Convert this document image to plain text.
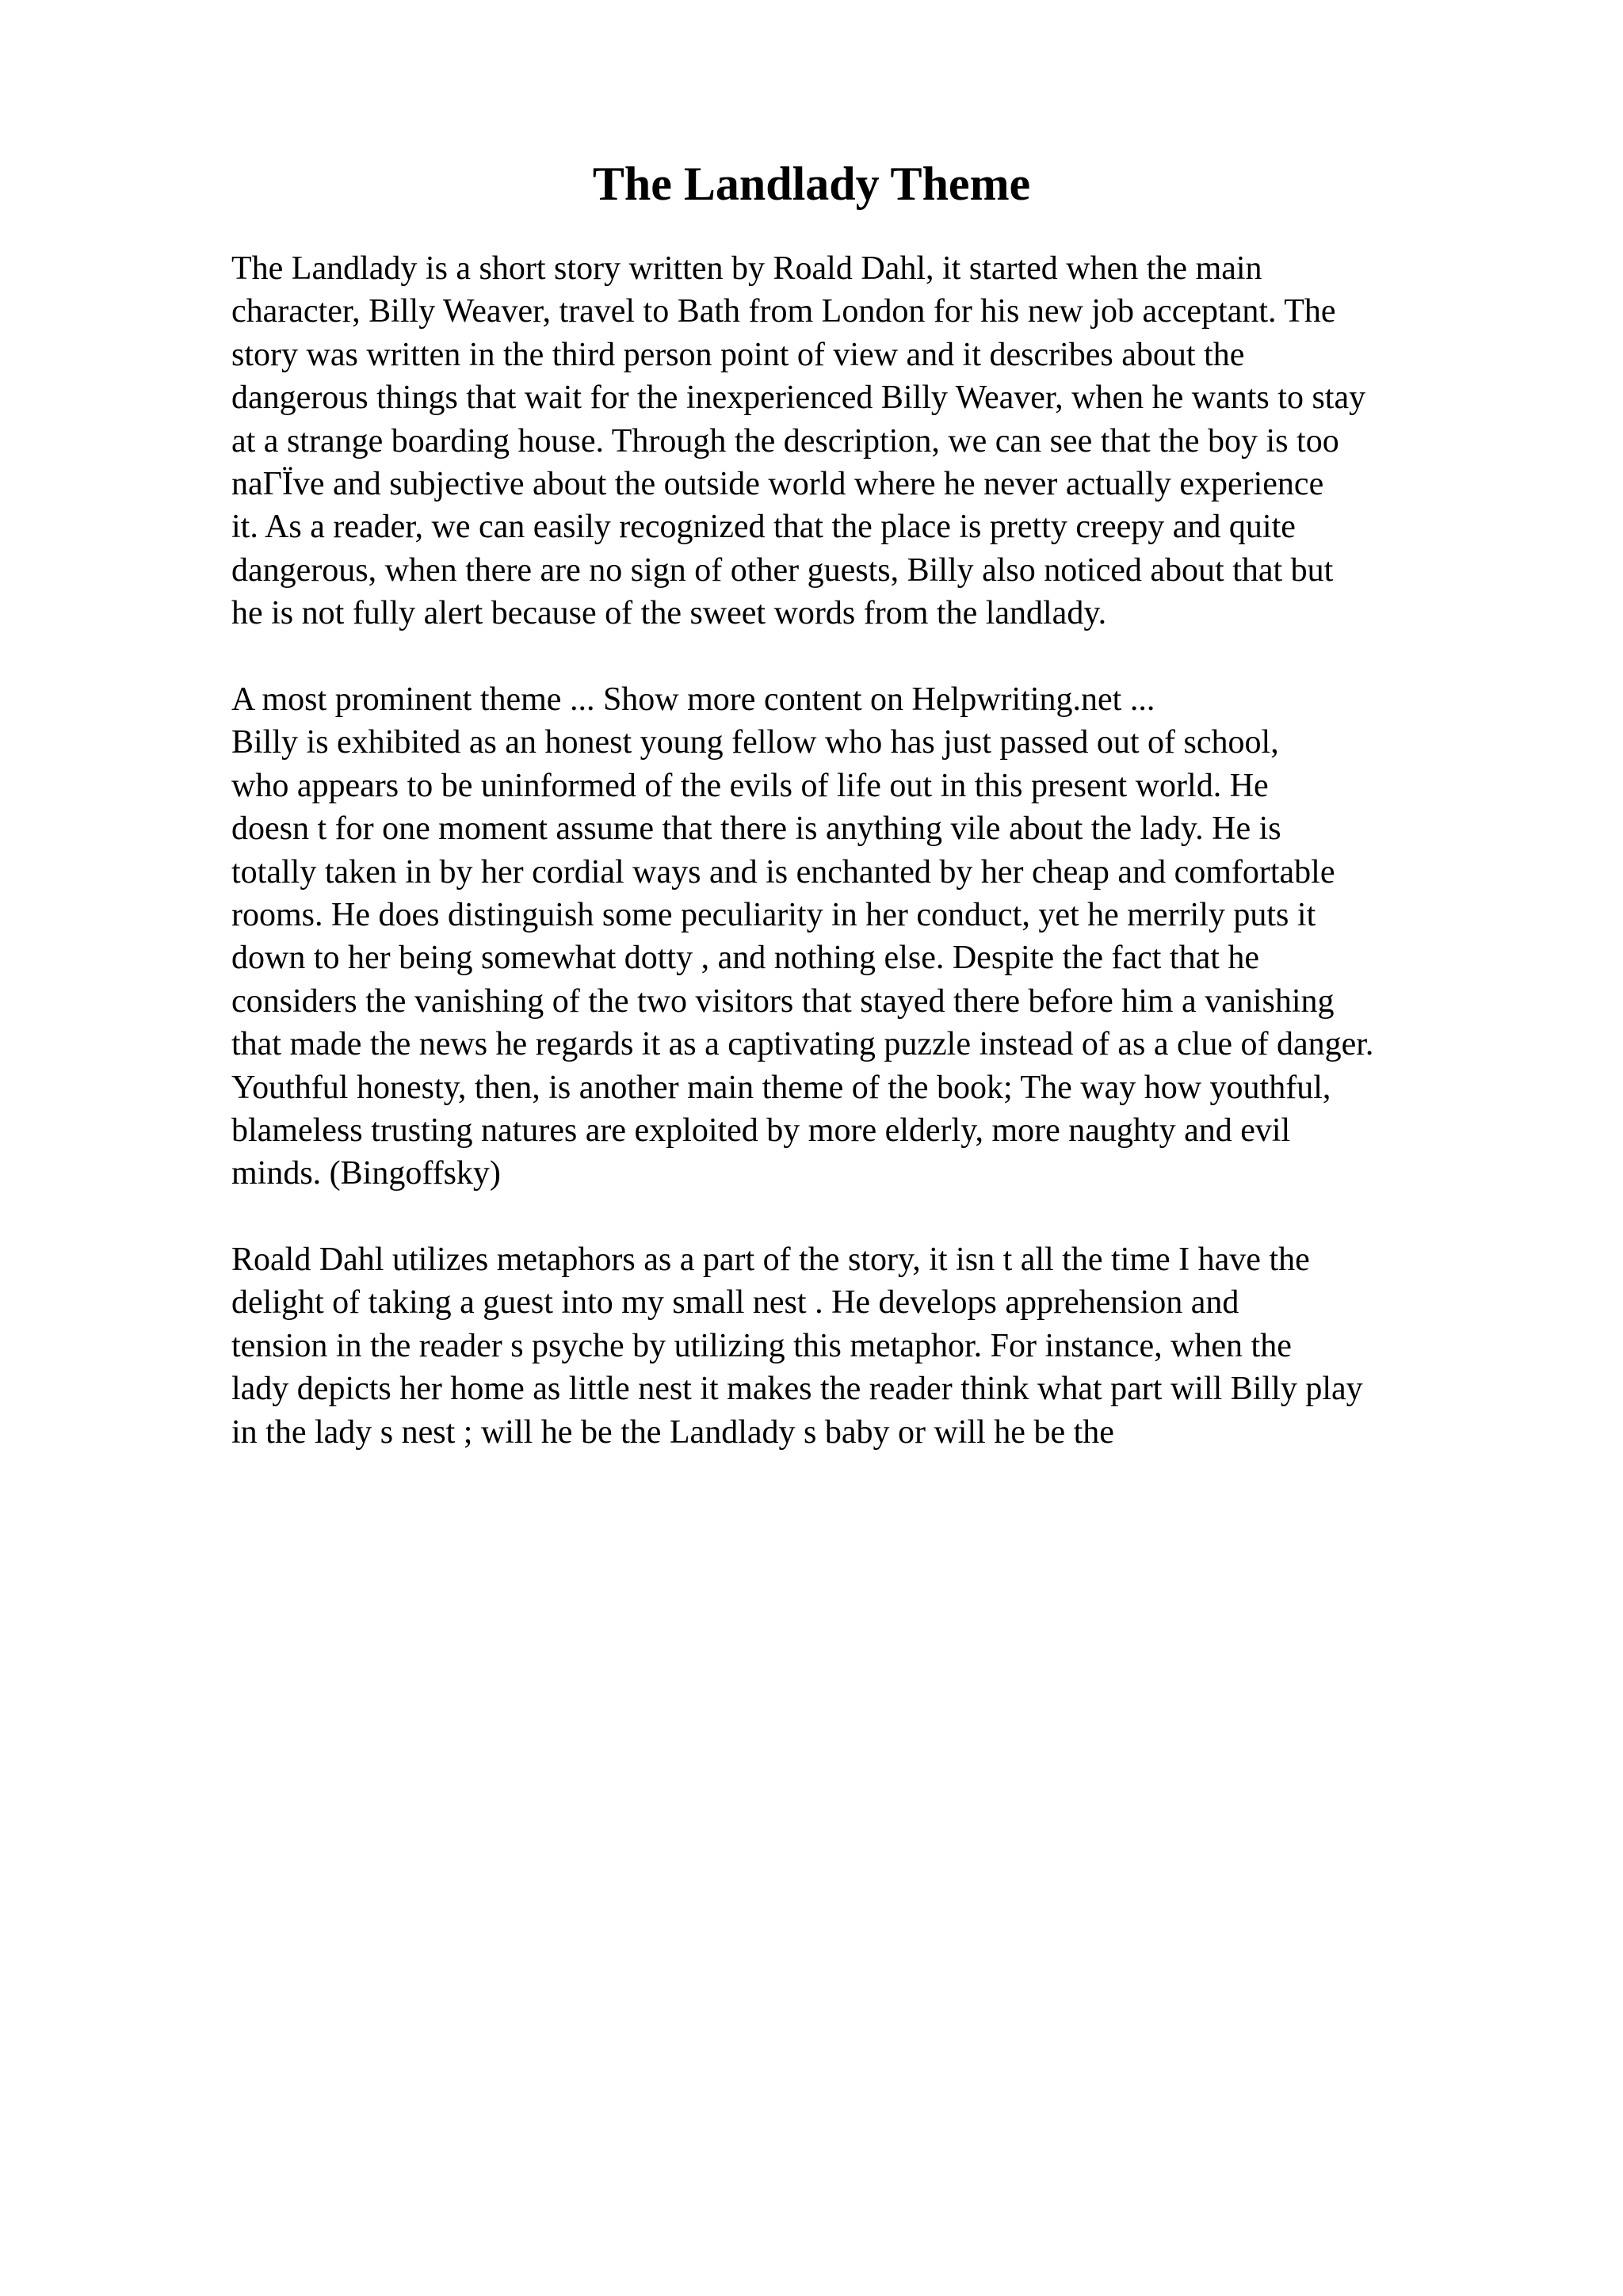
The Landlady Theme
The Landlady is a short story written by Roald Dahl, it started when the main
character, Billy Weaver, travel to Bath from London for his new job acceptant. The
story was written in the third person point of view and it describes about the
dangerous things that wait for the inexperienced Billy Weaver, when he wants to stay
at a strange boarding house. Through the description, we can see that the boy is too
naΓЇve and subjective about the outside world where he never actually experience
it. As a reader, we can easily recognized that the place is pretty creepy and quite
dangerous, when there are no sign of other guests, Billy also noticed about that but
he is not fully alert because of the sweet words from the landlady.
A most prominent theme ... Show more content on Helpwriting.net ...
Billy is exhibited as an honest young fellow who has just passed out of school,
who appears to be uninformed of the evils of life out in this present world. He
doesn t for one moment assume that there is anything vile about the lady. He is
totally taken in by her cordial ways and is enchanted by her cheap and comfortable
rooms. He does distinguish some peculiarity in her conduct, yet he merrily puts it
down to her being somewhat dotty , and nothing else. Despite the fact that he
considers the vanishing of the two visitors that stayed there before him a vanishing
that made the news he regards it as a captivating puzzle instead of as a clue of danger.
Youthful honesty, then, is another main theme of the book; The way how youthful,
blameless trusting natures are exploited by more elderly, more naughty and evil
minds. (Bingoffsky)
Roald Dahl utilizes metaphors as a part of the story, it isn t all the time I have the
delight of taking a guest into my small nest . He develops apprehension and
tension in the reader s psyche by utilizing this metaphor. For instance, when the
lady depicts her home as little nest it makes the reader think what part will Billy play
in the lady s nest ; will he be the Landlady s baby or will he be the
